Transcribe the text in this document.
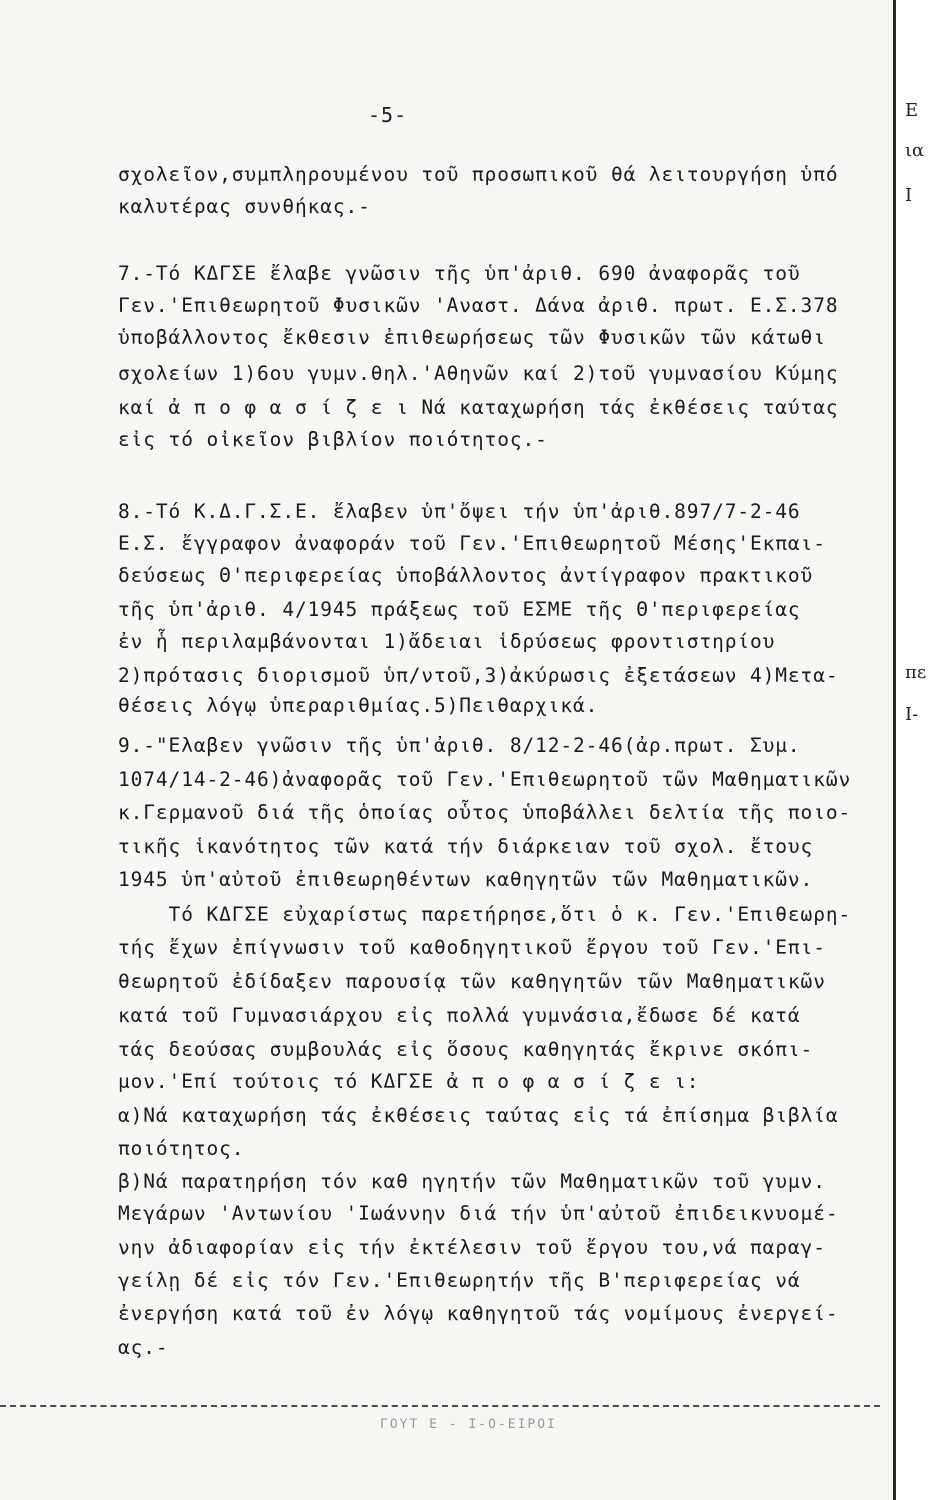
-5-
σχολεῖον,συμπληρουμένου τοῦ προσωπικοῦ θά λειτουργήση ὑπό
καλυτέρας συνθήκας.-
7.-Τό ΚΔΓΣΕ ἔλαβε γνῶσιν τῆς ὑπ'ἀριθ. 690 ἀναφορᾶς τοῦ
Γεν.'Επιθεωρητοῦ Φυσικῶν 'Αναστ. Δάνα ἀριθ. πρωτ. Ε.Σ.378
ὑποβάλλοντος ἔκθεσιν ἐπιθεωρήσεως τῶν Φυσικῶν τῶν κάτωθι
σχολείων 1)6ου γυμν.θηλ.'Αθηνῶν καί 2)τοῦ γυμνασίου Κύμης
καί ἀ π ο φ α σ ί ζ ε ι Νά καταχωρήση τάς ἐκθέσεις ταύτας
εἰς τό οἰκεῖον βιβλίον ποιότητος.-
8.-Τό Κ.Δ.Γ.Σ.Ε. ἔλαβεν ὑπ'ὄψει τήν ὑπ'ἀριθ.897/7-2-46
Ε.Σ. ἔγγραφον ἀναφοράν τοῦ Γεν.'Επιθεωρητοῦ Μέσης'Εκπαι-
δεύσεως Θ'περιφερείας ὑποβάλλοντος ἀντίγραφον πρακτικοῦ
τῆς ὑπ'ἀριθ. 4/1945 πράξεως τοῦ ΕΣΜΕ τῆς Θ'περιφερείας
ἐν ἧ περιλαμβάνονται 1)ἄδειαι ἱδρύσεως φροντιστηρίου
2)πρότασις διορισμοῦ ὑπ/ντοῦ,3)ἀκύρωσις ἐξετάσεων 4)Μετα-
θέσεις λόγῳ ὑπεραριθμίας.5)Πειθαρχικά.
9.-"Ελαβεν γνῶσιν τῆς ὑπ'ἀριθ. 8/12-2-46(ἀρ.πρωτ. Συμ.
1074/14-2-46)ἀναφορᾶς τοῦ Γεν.'Επιθεωρητοῦ τῶν Μαθηματικῶν
κ.Γερμανοῦ διά τῆς ὁποίας οὗτος ὑποβάλλει δελτία τῆς ποιο-
τικῆς ἱκανότητος τῶν κατά τήν διάρκειαν τοῦ σχολ. ἔτους
1945 ὑπ'αὐτοῦ ἐπιθεωρηθέντων καθηγητῶν τῶν Μαθηματικῶν.
Τό ΚΔΓΣΕ εὐχαρίστως παρετήρησε,ὅτι ὁ κ. Γεν.'Επιθεωρη-
τής ἔχων ἐπίγνωσιν τοῦ καθοδηγητικοῦ ἔργου τοῦ Γεν.'Επι-
θεωρητοῦ ἐδίδαξεν παρουσίᾳ τῶν καθηγητῶν τῶν Μαθηματικῶν
κατά τοῦ Γυμνασιάρχου εἰς πολλά γυμνάσια,ἔδωσε δέ κατά
τάς δεούσας συμβουλάς εἰς ὅσους καθηγητάς ἔκρινε σκόπι-
μον.'Επί τούτοις τό ΚΔΓΣΕ ἀ π ο φ α σ ί ζ ε ι:
α)Νά καταχωρήση τάς ἐκθέσεις ταύτας εἰς τά ἐπίσημα βιβλία
ποιότητος.
β)Νά παρατηρήση τόν καθ ηγητήν τῶν Μαθηματικῶν τοῦ γυμν.
Μεγάρων 'Αντωνίου 'Ιωάννην διά τήν ὑπ'αὐτοῦ ἐπιδεικνυομέ-
νην ἀδιαφορίαν εἰς τήν ἐκτέλεσιν τοῦ ἔργου του,νά παραγ-
γείλῃ δέ εἰς τόν Γεν.'Επιθεωρητήν τῆς Β'περιφερείας νά
ἐνεργήση κατά τοῦ ἐν λόγῳ καθηγητοῦ τάς νομίμους ἐνεργεί-
ας.-
ΓΟΥΤ Ε - Ι-Ο-ΕΙΡΟΙ
Ε
ια
Ι
πε
Ι-
